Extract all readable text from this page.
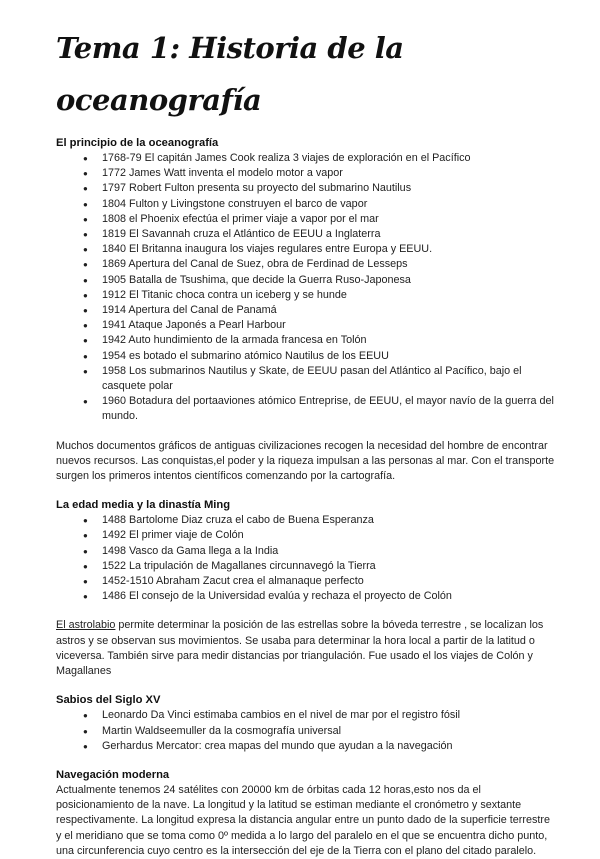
Tema 1: Historia de la oceanografía
El principio de la oceanografía
● 1768-79 El capitán James Cook realiza 3 viajes de exploración en el Pacífico
● 1772 James Watt inventa el modelo motor a vapor
● 1797 Robert Fulton presenta su proyecto del submarino Nautilus
● 1804 Fulton y Livingstone construyen el barco de vapor
● 1808 el Phoenix efectúa el primer viaje a vapor por el mar
● 1819 El Savannah cruza el Atlántico de EEUU a Inglaterra
● 1840 El Britanna inaugura los viajes regulares entre Europa y EEUU.
● 1869 Apertura del Canal de Suez, obra de Ferdinad de Lesseps
● 1905 Batalla de Tsushima, que decide la Guerra Ruso-Japonesa
● 1912 El Titanic choca contra un iceberg y se hunde
● 1914 Apertura del Canal de Panamá
● 1941 Ataque Japonés a Pearl Harbour
● 1942 Auto hundimiento de la armada francesa en Tolón
● 1954 es botado el submarino atómico Nautilus de los EEUU
● 1958 Los submarinos Nautilus y Skate, de EEUU pasan del Atlántico al Pacífico, bajo el casquete polar
● 1960 Botadura del portaaviones atómico Entreprise, de EEUU, el mayor navío de la guerra del mundo.

Muchos documentos gráficos de antiguas civilizaciones recogen la necesidad del hombre de encontrar nuevos recursos. Las conquistas,el poder y la riqueza impulsan a las personas al mar. Con el transporte surgen los primeros intentos científicos comenzando por la cartografía.

La edad media y la dinastía Ming
● 1488 Bartolome Diaz cruza el cabo de Buena Esperanza
● 1492 El primer viaje de Colón
● 1498 Vasco da Gama llega a la India
● 1522 La tripulación de Magallanes circunnavegó la Tierra
● 1452-1510 Abraham Zacut crea el almanaque perfecto
● 1486 El consejo de la Universidad evalúa y rechaza el proyecto de Colón

El astrolabio permite determinar la posición de las estrellas sobre la bóveda terrestre , se localizan los astros y se observan sus movimientos. Se usaba para determinar la hora local a partir de la latitud o viceversa. También sirve para medir distancias por triangulación. Fue usado el los viajes de Colón y Magallanes

Sabios del Siglo XV
● Leonardo Da Vinci estimaba cambios en el nivel de mar por el registro fósil
● Martin Waldseemuller da la cosmografía universal
● Gerhardus Mercator: crea mapas del mundo que ayudan a la navegación
Navegación moderna

Actualmente tenemos 24 satélites con 20000 km de órbitas cada 12 horas,esto nos da el posicionamiento de la nave. La longitud y la latitud se estiman mediante el cronómetro y sextante respectivamente. La longitud expresa la distancia angular entre un punto dado de la superficie terrestre y el meridiano que se toma como 0º medida a lo largo del paralelo en el que se encuentra dicho punto, una circunferencia cuyo centro es la intersección del eje de la Tierra con el plano del citado paralelo.
